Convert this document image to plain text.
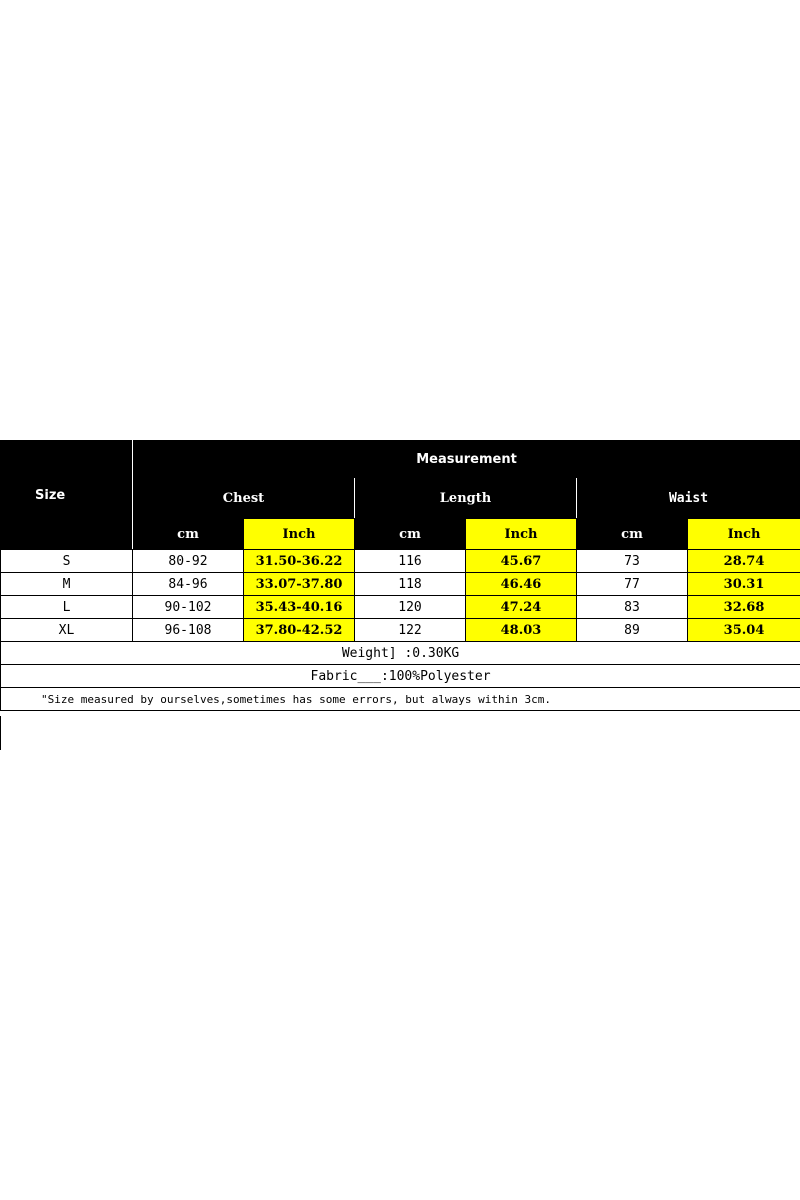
Size	Measurement					
	Chest		Length		Waist	
	cm	Inch	cm	Inch	cm	Inch
S	80-92	31.50-36.22	116	45.67	73	28.74
M	84-96	33.07-37.80	118	46.46	77	30.31
L	90-102	35.43-40.16	120	47.24	83	32.68
XL	96-108	37.80-42.52	122	48.03	89	35.04
Weight] :0.30KG						
Fabric___:100%Polyester						
"Size measured by ourselves,sometimes has some errors, but always within 3cm.						
